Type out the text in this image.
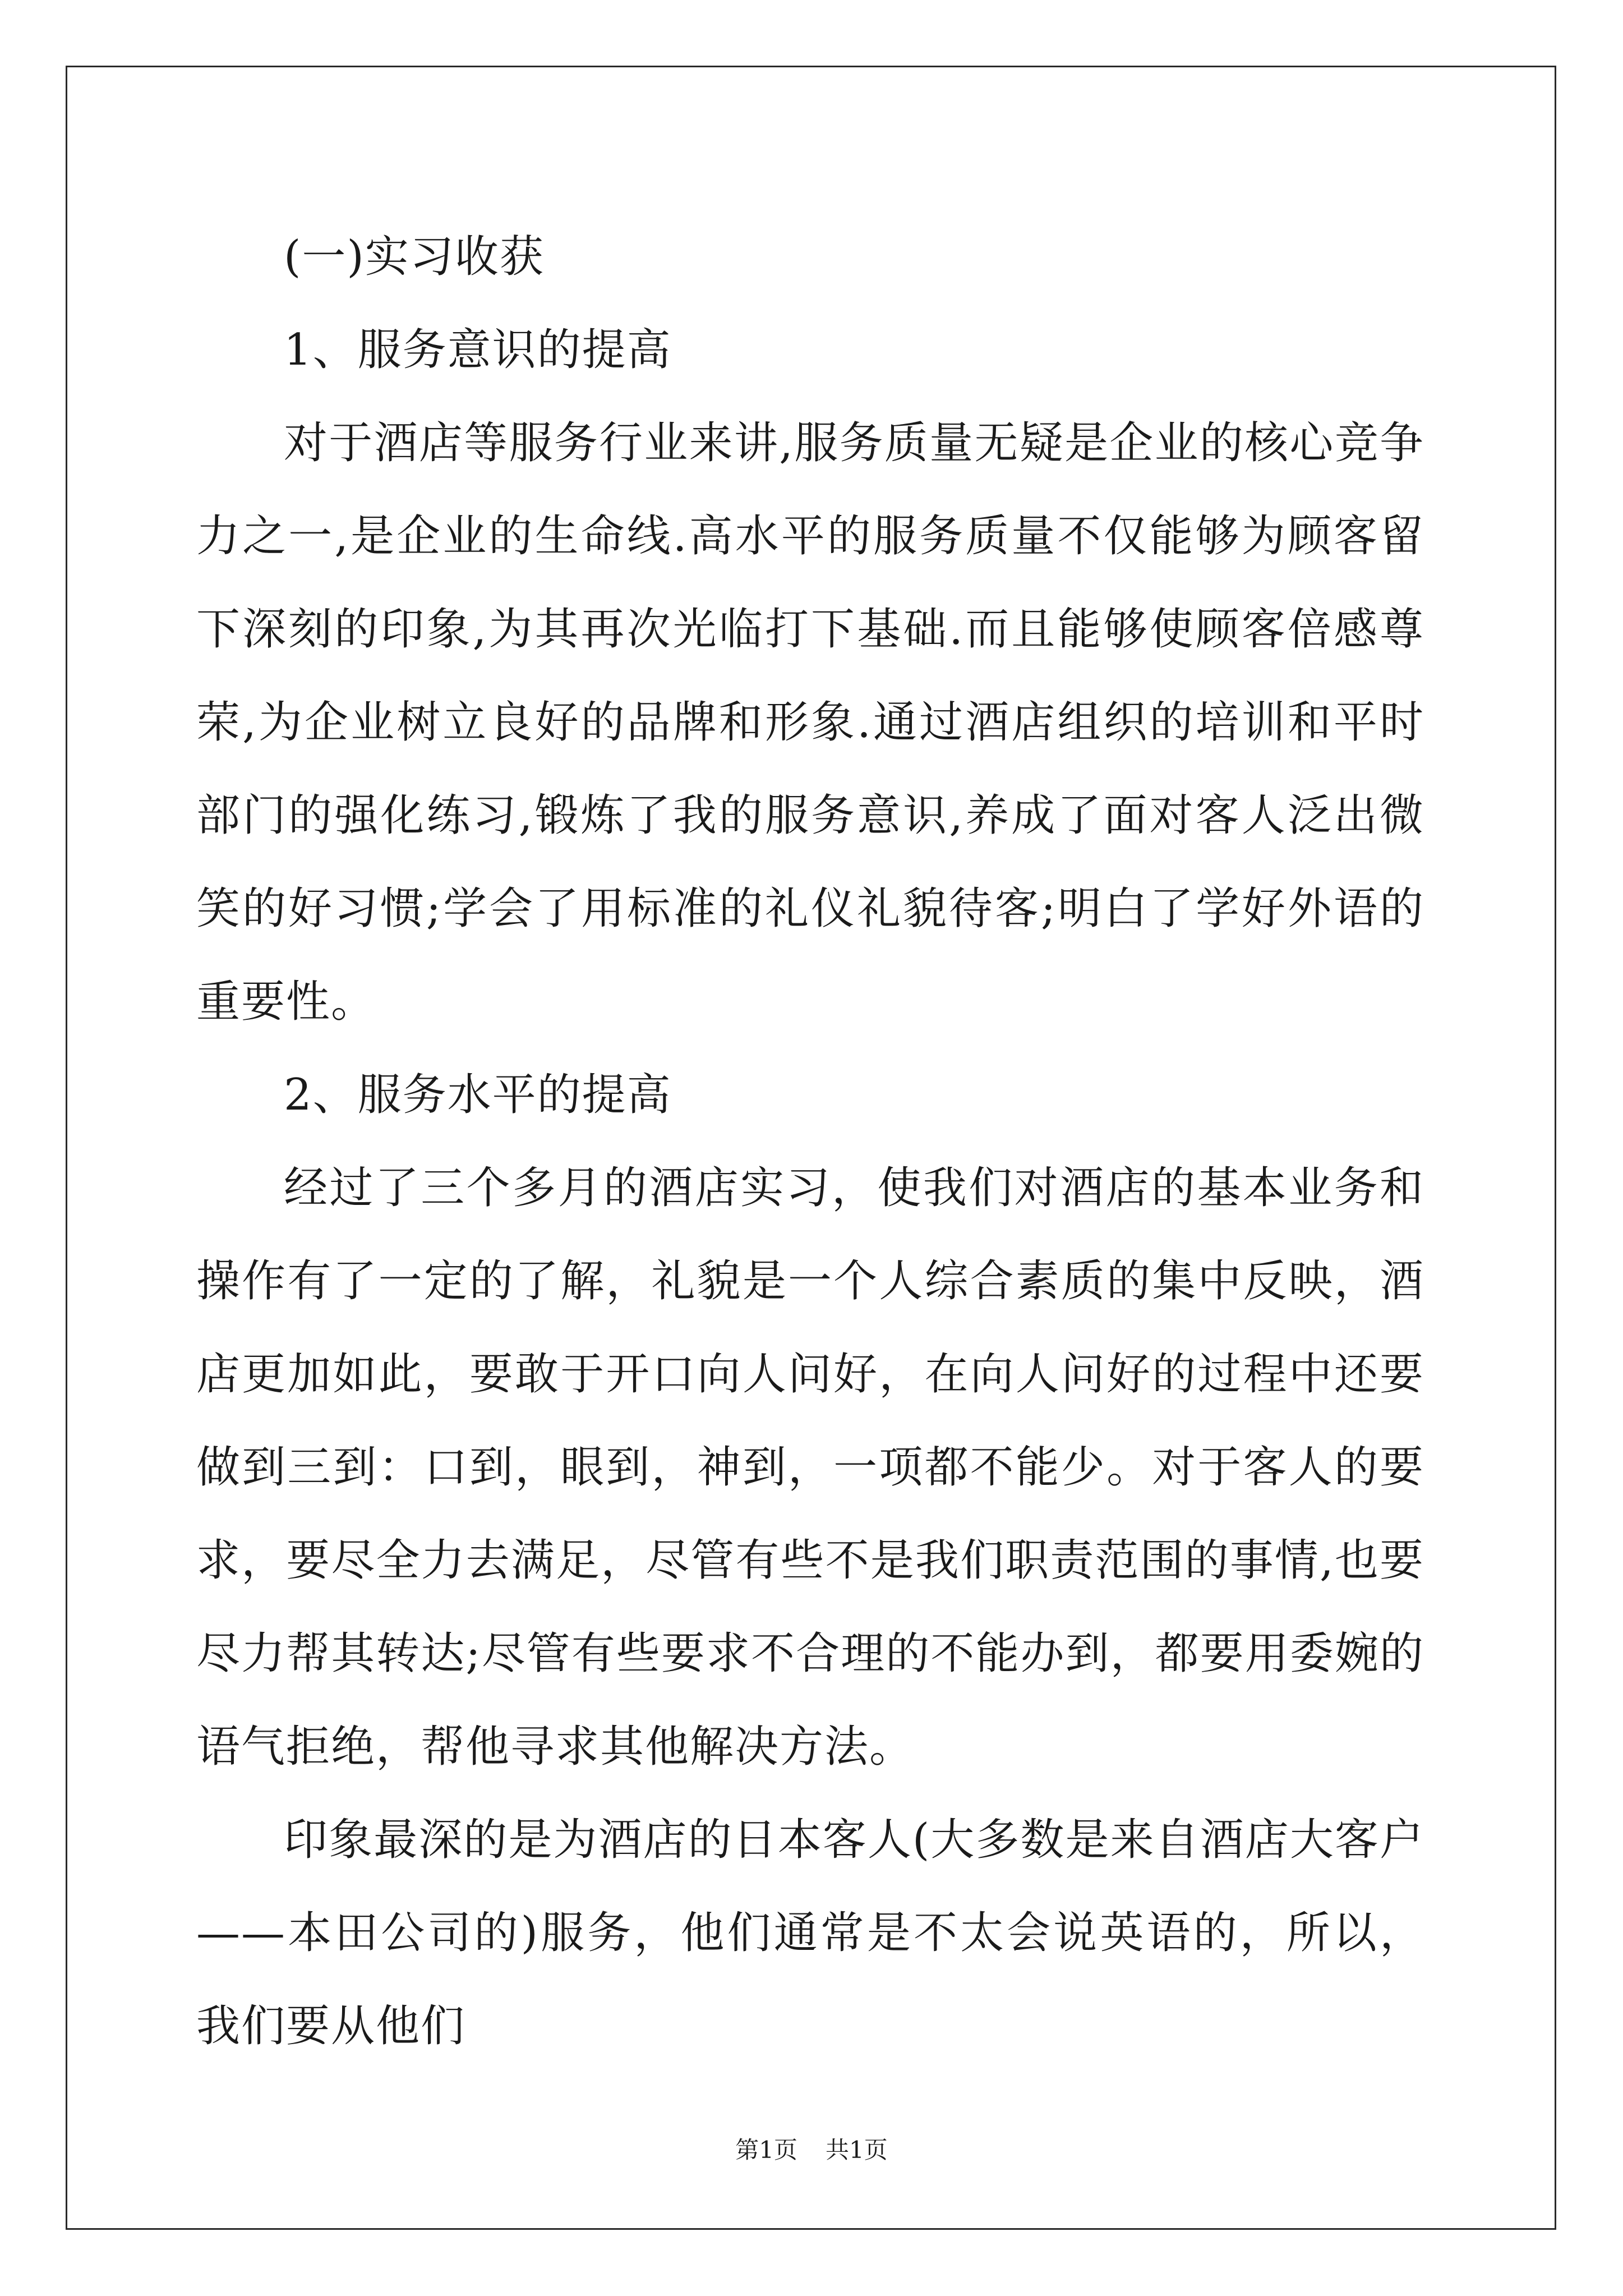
(一)实习收获

1、服务意识的提高

对于酒店等服务行业来讲,服务质量无疑是企业的核心竞争力之一,是企业的生命线.高水平的服务质量不仅能够为顾客留下深刻的印象,为其再次光临打下基础.而且能够使顾客倍感尊荣,为企业树立良好的品牌和形象.通过酒店组织的培训和平时部门的强化练习,锻炼了我的服务意识,养成了面对客人泛出微笑的好习惯;学会了用标准的礼仪礼貌待客;明白了学好外语的重要性。

2、服务水平的提高

经过了三个多月的酒店实习，使我们对酒店的基本业务和操作有了一定的了解，礼貌是一个人综合素质的集中反映，酒店更加如此，要敢于开口向人问好，在向人问好的过程中还要做到三到：口到，眼到，神到，一项都不能少。对于客人的要求，要尽全力去满足，尽管有些不是我们职责范围的事情,也要尽力帮其转达;尽管有些要求不合理的不能办到，都要用委婉的语气拒绝，帮他寻求其他解决方法。

印象最深的是为酒店的日本客人(大多数是来自酒店大客户——本田公司的)服务，他们通常是不太会说英语的，所以，我们要从他们

第1页 共1页
